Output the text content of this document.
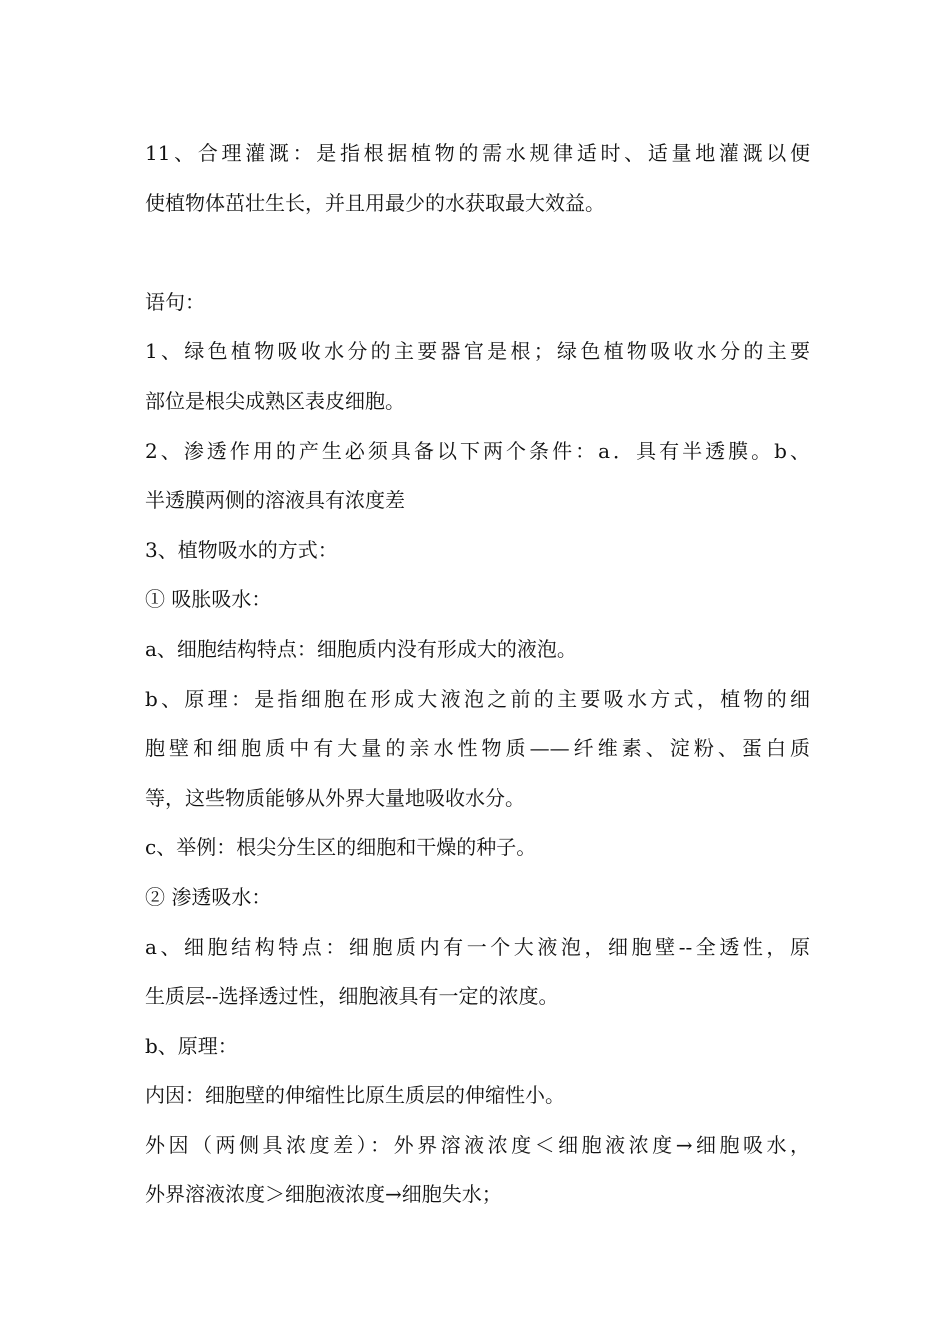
11、合理灌溉：是指根据植物的需水规律适时、适量地灌溉以便

使植物体茁壮生长，并且用最少的水获取最大效益。

语句：

1、绿色植物吸收水分的主要器官是根；绿色植物吸收水分的主要

部位是根尖成熟区表皮细胞。

2、渗透作用的产生必须具备以下两个条件：a．具有半透膜。b、

半透膜两侧的溶液具有浓度差

3、植物吸水的方式：

① 吸胀吸水：

a、细胞结构特点：细胞质内没有形成大的液泡。

b、原理：是指细胞在形成大液泡之前的主要吸水方式，植物的细

胞壁和细胞质中有大量的亲水性物质——纤维素、淀粉、蛋白质

等，这些物质能够从外界大量地吸收水分。

c、举例：根尖分生区的细胞和干燥的种子。

② 渗透吸水：

a、细胞结构特点：细胞质内有一个大液泡，细胞壁--全透性，原

生质层--选择透过性，细胞液具有一定的浓度。

b、原理：

内因：细胞壁的伸缩性比原生质层的伸缩性小。

外因（两侧具浓度差）：外界溶液浓度＜细胞液浓度→细胞吸水，

外界溶液浓度＞细胞液浓度→细胞失水；
